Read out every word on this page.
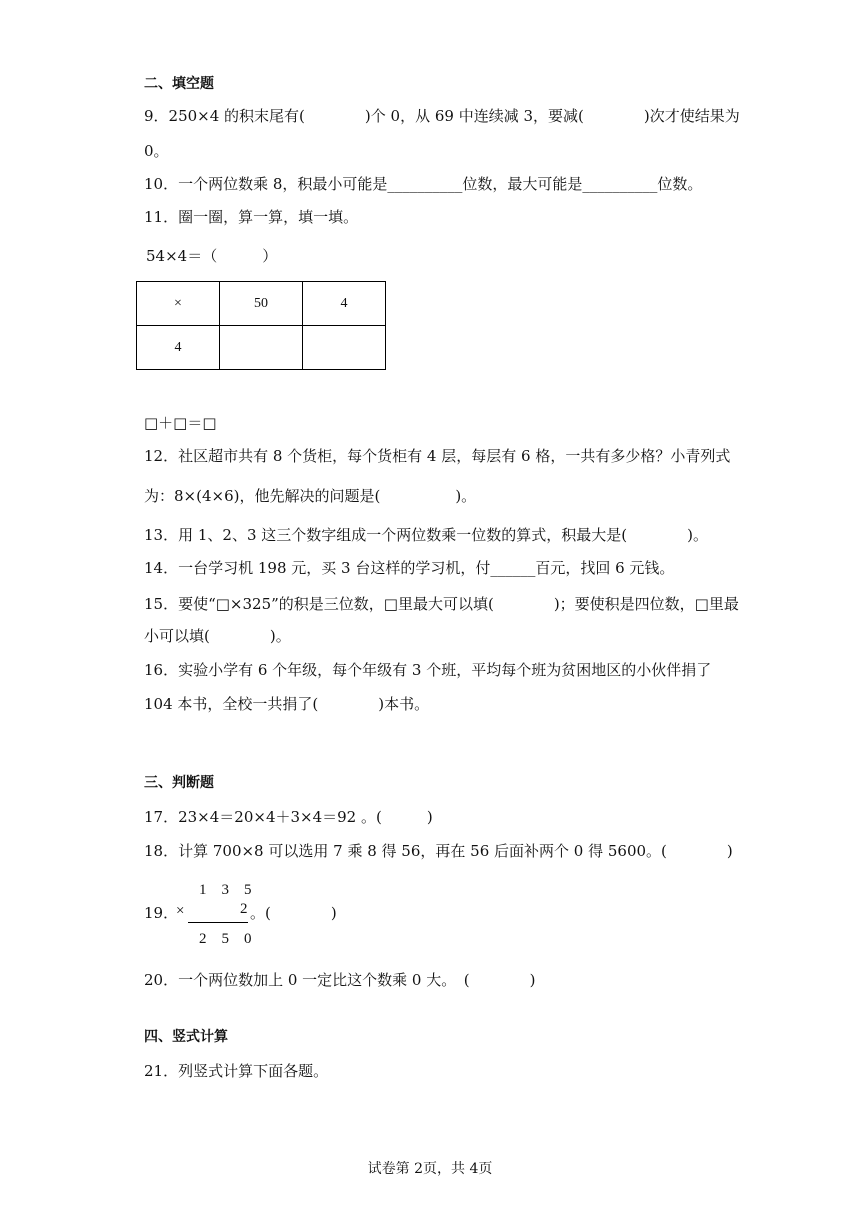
二、填空题
9．250×4 的积末尾有(　　　　)个 0，从 69 中连续减 3，要减(　　　　)次才使结果为
0。
10．一个两位数乘 8，积最小可能是__________位数，最大可能是__________位数。
11．圈一圈，算一算，填一填。
54×4＝（　　　）
×	50	4
4		
□＋□＝□
12．社区超市共有 8 个货柜，每个货柜有 4 层，每层有 6 格，一共有多少格？小青列式
为：8×(4×6)，他先解决的问题是(　　　　　)。
13．用 1、2、3 这三个数字组成一个两位数乘一位数的算式，积最大是(　　　　)。
14．一台学习机 198 元，买 3 台这样的学习机，付______百元，找回 6 元钱。
15．要使“□×325”的积是三位数，□里最大可以填(　　　　)；要使积是四位数，□里最
小可以填(　　　　)。
16．实验小学有 6 个年级，每个年级有 3 个班，平均每个班为贫困地区的小伙伴捐了
104 本书，全校一共捐了(　　　　)本书。
三、判断题
17．23×4＝20×4＋3×4＝92 。(　　　)
18．计算 700×8 可以选用 7 乘 8 得 56，再在 56 后面补两个 0 得 5600。(　　　　)
19．
1　3　5
×	2
2　5　0
。(　　　　)
20．一个两位数加上 0 一定比这个数乘 0 大。　(　　　　)
四、竖式计算
21．列竖式计算下面各题。
试卷第 2页，共 4页
